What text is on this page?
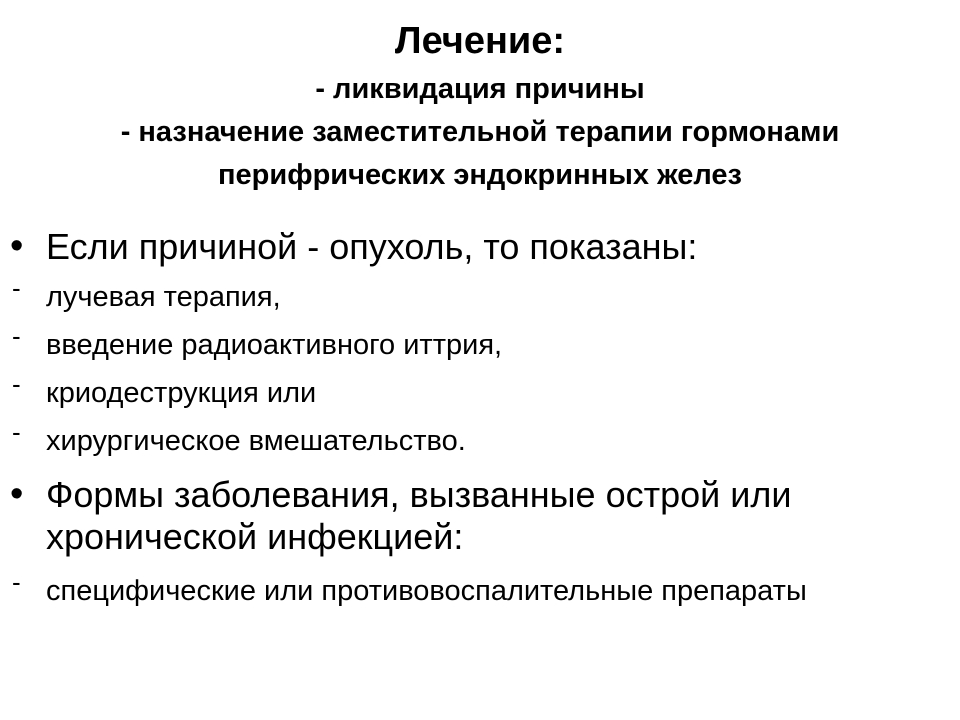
Лечение:
- ликвидация причины
- назначение заместительной терапии гормонами
перифрических эндокринных желез
• Если причиной - опухоль, то показаны:
- лучевая терапия,
- введение радиоактивного иттрия,
- криодеструкция или
- хирургическое вмешательство.
• Формы заболевания, вызванные острой или хронической инфекцией:
- специфические или противовоспалительные препараты
